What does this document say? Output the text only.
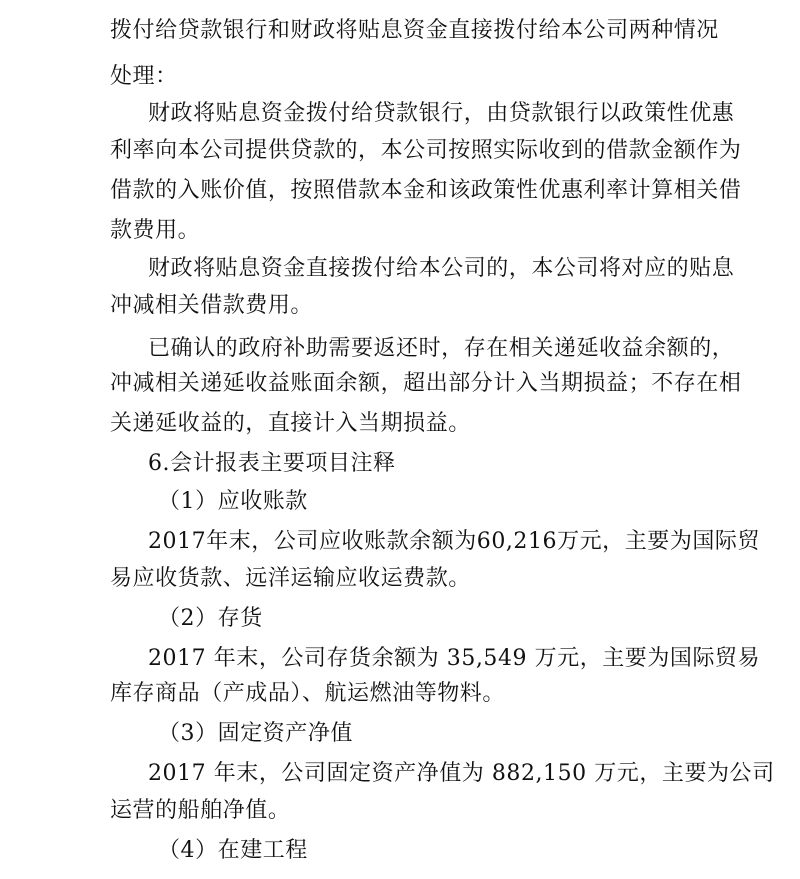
拨付给贷款银行和财政将贴息资金直接拨付给本公司两种情况
处理：
财政将贴息资金拨付给贷款银行，由贷款银行以政策性优惠
利率向本公司提供贷款的，本公司按照实际收到的借款金额作为
借款的入账价值，按照借款本金和该政策性优惠利率计算相关借
款费用。
财政将贴息资金直接拨付给本公司的，本公司将对应的贴息
冲减相关借款费用。
已确认的政府补助需要返还时，存在相关递延收益余额的，
冲减相关递延收益账面余额，超出部分计入当期损益；不存在相
关递延收益的，直接计入当期损益。
6.会计报表主要项目注释
（1）应收账款
2017年末，公司应收账款余额为60,216万元，主要为国际贸
易应收货款、远洋运输应收运费款。
（2）存货
2017 年末，公司存货余额为 35,549 万元，主要为国际贸易
库存商品（产成品）、航运燃油等物料。
（3）固定资产净值
2017 年末，公司固定资产净值为 882,150 万元，主要为公司
运营的船舶净值。
（4）在建工程
